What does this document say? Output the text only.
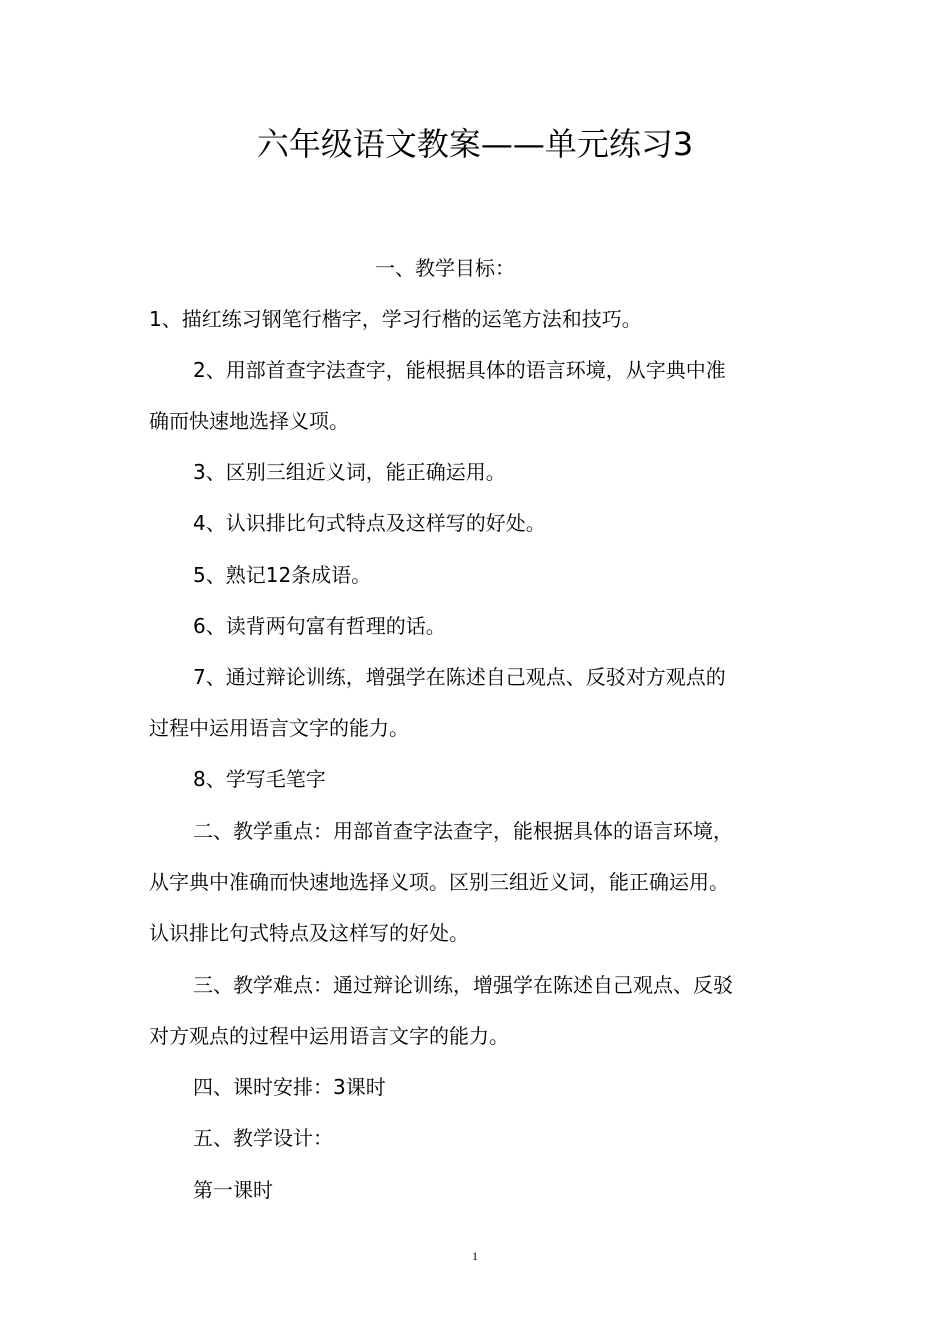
六年级语文教案——单元练习3
一、教学目标：
1、描红练习钢笔行楷字，学习行楷的运笔方法和技巧。
2、用部首查字法查字，能根据具体的语言环境，从字典中准
确而快速地选择义项。
3、区别三组近义词，能正确运用。
4、认识排比句式特点及这样写的好处。
5、熟记12条成语。
6、读背两句富有哲理的话。
7、通过辩论训练，增强学在陈述自己观点、反驳对方观点的
过程中运用语言文字的能力。
8、学写毛笔字
二、教学重点：用部首查字法查字，能根据具体的语言环境，
从字典中准确而快速地选择义项。区别三组近义词，能正确运用。
认识排比句式特点及这样写的好处。
三、教学难点：通过辩论训练，增强学在陈述自己观点、反驳
对方观点的过程中运用语言文字的能力。
四、课时安排：3课时
五、教学设计：
第一课时
1
